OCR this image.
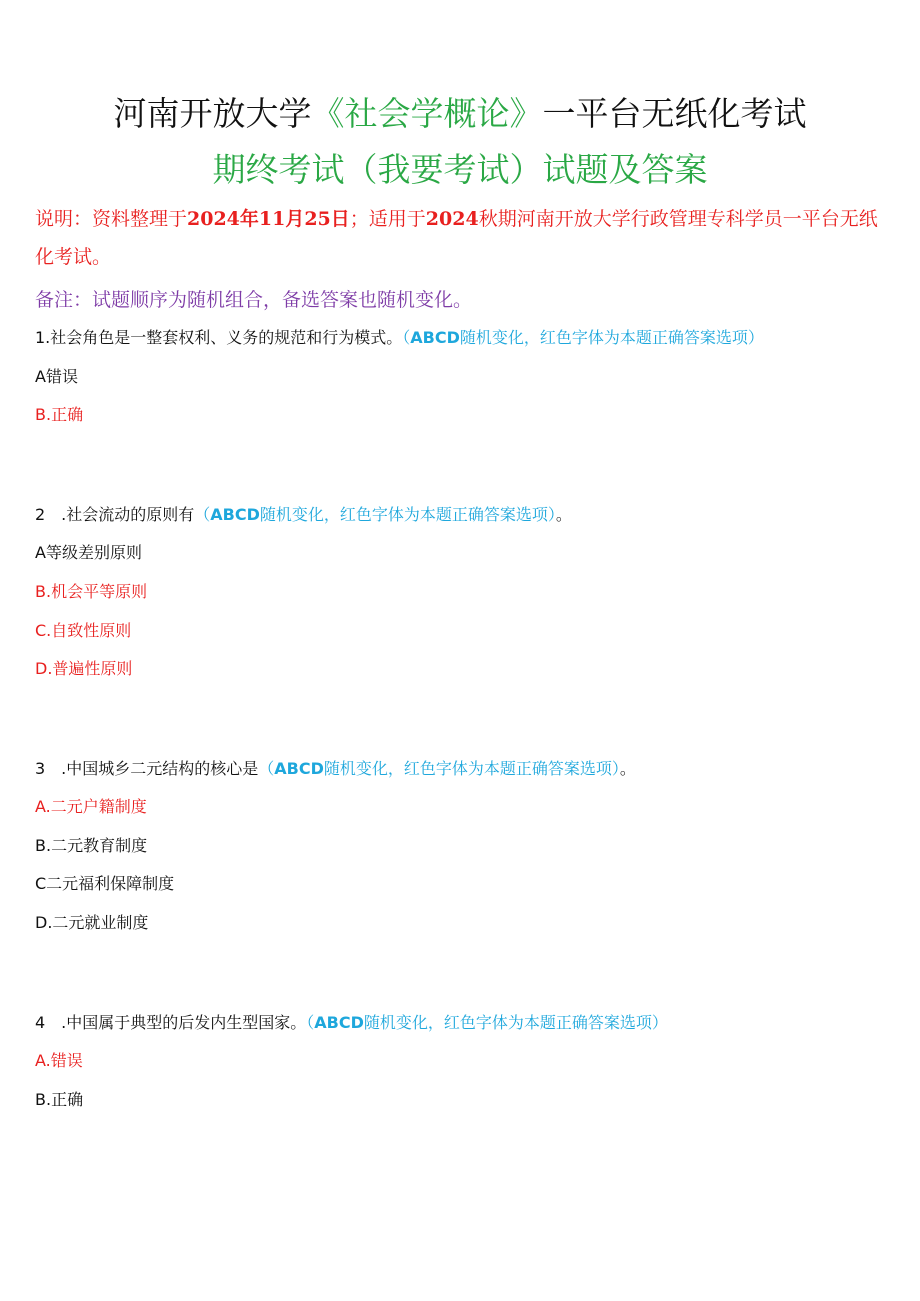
河南开放大学《社会学概论》一平台无纸化考试
期终考试（我要考试）试题及答案
说明：资料整理于2024年11月25日；适用于2024秋期河南开放大学行政管理专科学员一平台无纸化考试。
备注：试题顺序为随机组合，备选答案也随机变化。
1.社会角色是一整套权利、义务的规范和行为模式。（ABCD随机变化，红色字体为本题正确答案选项）
A错误
B.正确
2　.社会流动的原则有（ABCD随机变化，红色字体为本题正确答案选项）。
A等级差别原则
B.机会平等原则
C.自致性原则
D.普遍性原则
3　.中国城乡二元结构的核心是（ABCD随机变化，红色字体为本题正确答案选项）。
A.二元户籍制度
B.二元教育制度
C二元福利保障制度
D.二元就业制度
4　.中国属于典型的后发内生型国家。（ABCD随机变化，红色字体为本题正确答案选项）
A.错误
B.正确
